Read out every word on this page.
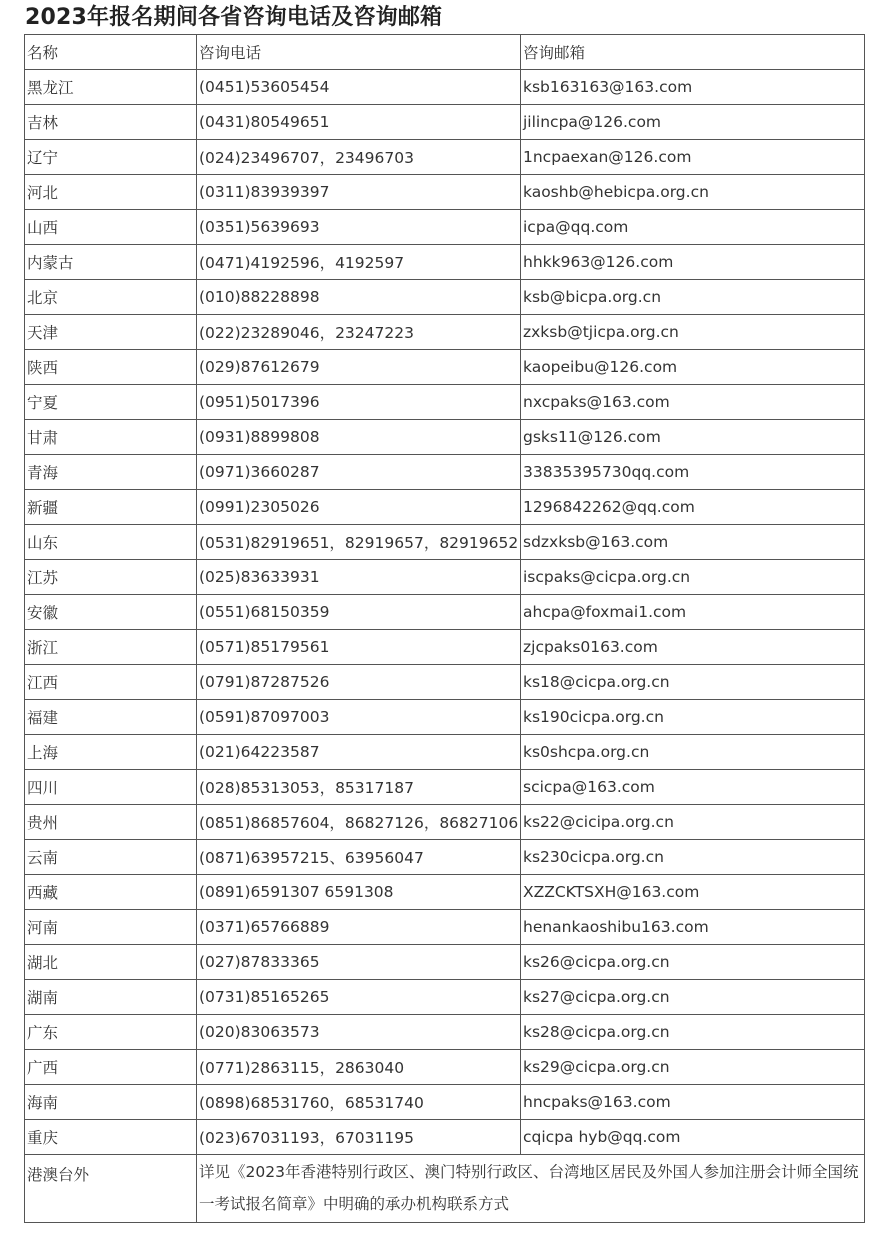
2023年报名期间各省咨询电话及咨询邮箱
名称	咨询电话	咨询邮箱
黑龙江	(0451)53605454	ksb163163@163.com
吉林	(0431)80549651	jilincpa@126.com
辽宁	(024)23496707，23496703	1ncpaexan@126.com
河北	(0311)83939397	kaoshb@hebicpa.org.cn
山西	(0351)5639693	icpa@qq.com
内蒙古	(0471)4192596，4192597	hhkk963@126.com
北京	(010)88228898	ksb@bicpa.org.cn
天津	(022)23289046，23247223	zxksb@tjicpa.org.cn
陕西	(029)87612679	kaopeibu@126.com
宁夏	(0951)5017396	nxcpaks@163.com
甘肃	(0931)8899808	gsks11@126.com
青海	(0971)3660287	33835395730qq.com
新疆	(0991)2305026	1296842262@qq.com
山东	(0531)82919651，82919657，82919652	sdzxksb@163.com
江苏	(025)83633931	iscpaks@cicpa.org.cn
安徽	(0551)68150359	ahcpa@foxmai1.com
浙江	(0571)85179561	zjcpaks0163.com
江西	(0791)87287526	ks18@cicpa.org.cn
福建	(0591)87097003	ks190cicpa.org.cn
上海	(021)64223587	ks0shcpa.org.cn
四川	(028)85313053，85317187	scicpa@163.com
贵州	(0851)86857604，86827126，86827106	ks22@cicipa.org.cn
云南	(0871)63957215、63956047	ks230cicpa.org.cn
西藏	(0891)6591307 6591308	XZZCKTSXH@163.com
河南	(0371)65766889	henankaoshibu163.com
湖北	(027)87833365	ks26@cicpa.org.cn
湖南	(0731)85165265	ks27@cicpa.org.cn
广东	(020)83063573	ks28@cicpa.org.cn
广西	(0771)2863115，2863040	ks29@cicpa.org.cn
海南	(0898)68531760，68531740	hncpaks@163.com
重庆	(023)67031193，67031195	cqicpa hyb@qq.com
港澳台外	详见《2023年香港特别行政区、澳门特别行政区、台湾地区居民及外国人参加注册会计师全国统一考试报名简章》中明确的承办机构联系方式	
